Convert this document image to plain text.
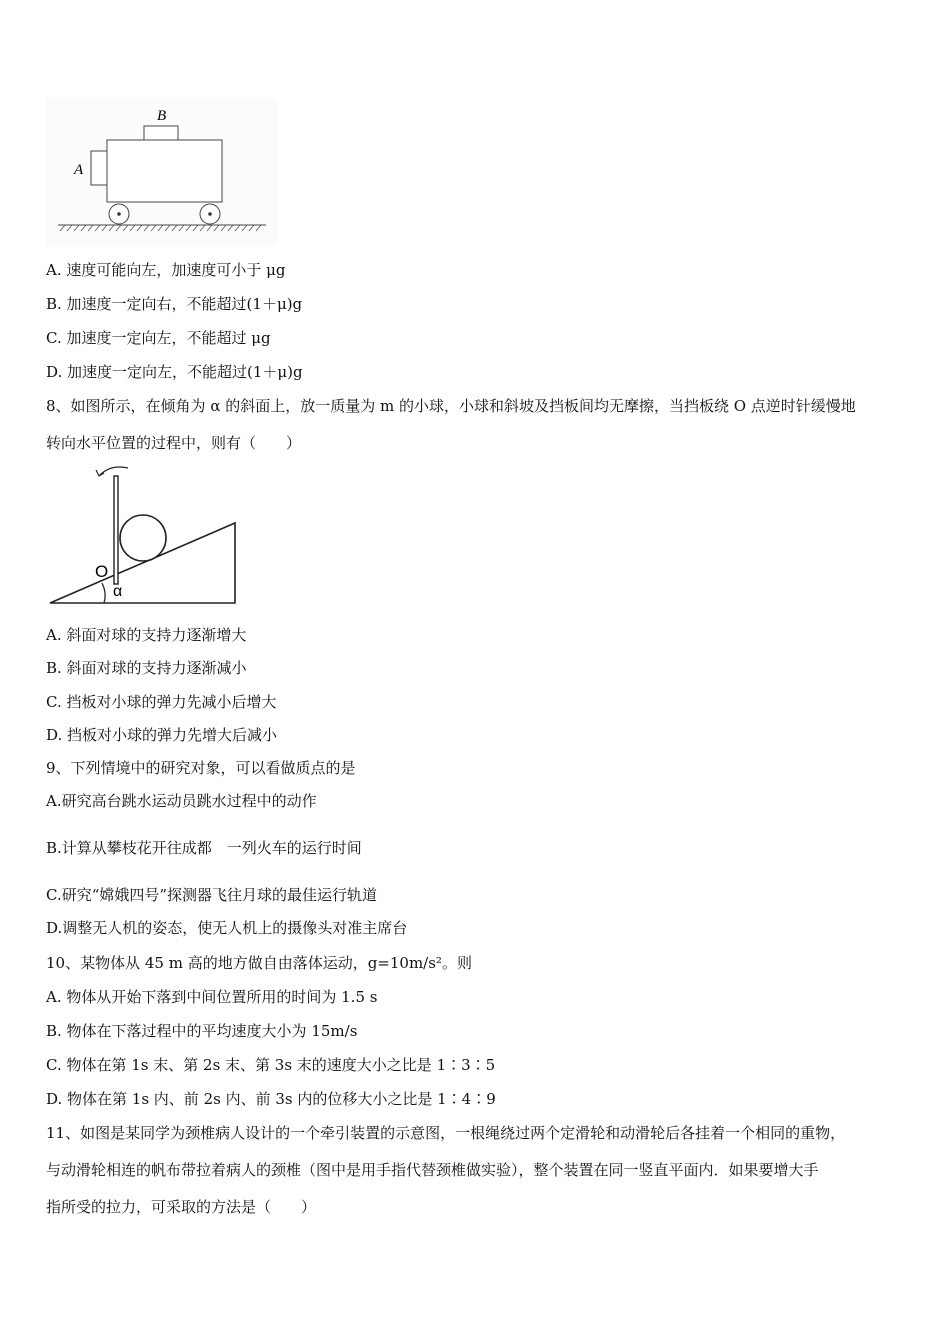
B
A
A. 速度可能向左，加速度可小于 μg
B. 加速度一定向右，不能超过(1＋μ)g
C. 加速度一定向左，不能超过 μg
D. 加速度一定向左，不能超过(1＋μ)g
8、如图所示，在倾角为 α 的斜面上，放一质量为 m 的小球，小球和斜坡及挡板间均无摩擦，当挡板绕 O 点逆时针缓慢地
转向水平位置的过程中，则有（　　）
O
α
A. 斜面对球的支持力逐渐增大
B. 斜面对球的支持力逐渐减小
C. 挡板对小球的弹力先减小后增大
D. 挡板对小球的弹力先增大后减小
9、下列情境中的研究对象，可以看做质点的是
A.研究高台跳水运动员跳水过程中的动作
B.计算从攀枝花开往成都　一列火车的运行时间
C.研究“嫦娥四号”探测器飞往月球的最佳运行轨道
D.调整无人机的姿态，使无人机上的摄像头对准主席台
10、某物体从 45 m 高的地方做自由落体运动，g=10m/s²。则
A. 物体从开始下落到中间位置所用的时间为 1.5 s
B. 物体在下落过程中的平均速度大小为 15m/s
C. 物体在第 1s 末、第 2s 末、第 3s 末的速度大小之比是 1∶3∶5
D. 物体在第 1s 内、前 2s 内、前 3s 内的位移大小之比是 1∶4∶9
11、如图是某同学为颈椎病人设计的一个牵引装置的示意图，一根绳绕过两个定滑轮和动滑轮后各挂着一个相同的重物，
与动滑轮相连的帆布带拉着病人的颈椎（图中是用手指代替颈椎做实验），整个装置在同一竖直平面内．如果要增大手
指所受的拉力，可采取的方法是（　　）
